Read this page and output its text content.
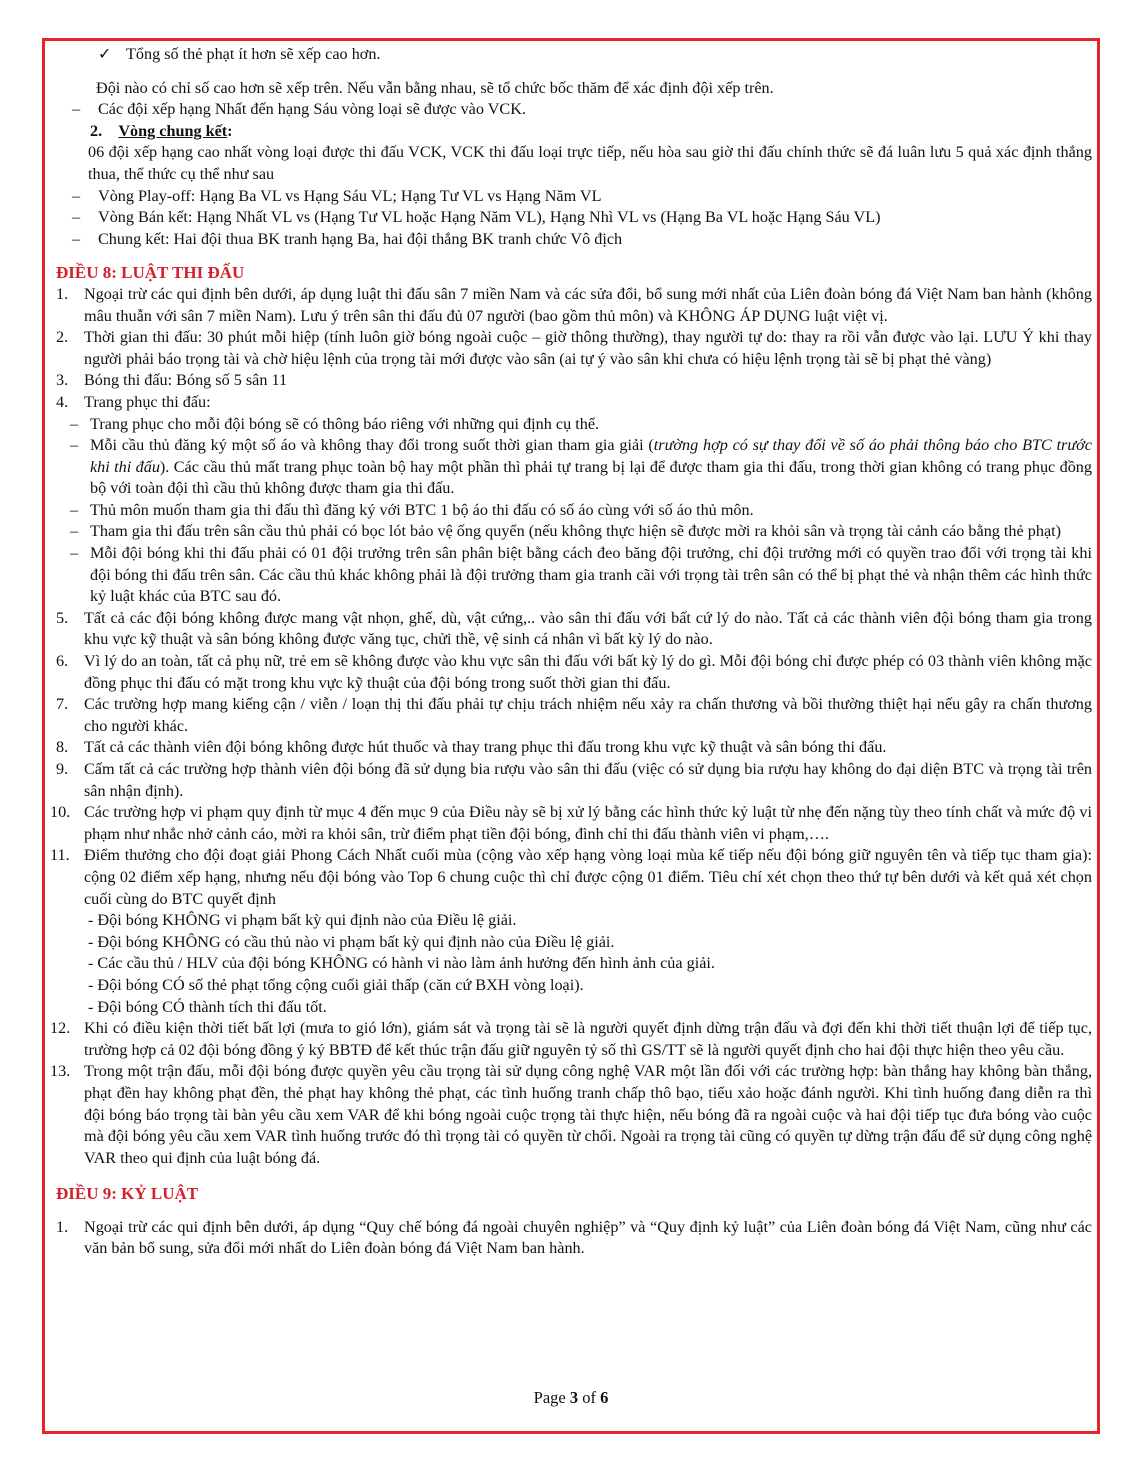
✓ Tổng số thẻ phạt ít hơn sẽ xếp cao hơn.

Đội nào có chỉ số cao hơn sẽ xếp trên. Nếu vẫn bằng nhau, sẽ tổ chức bốc thăm để xác định đội xếp trên.

–	Các đội xếp hạng Nhất đến hạng Sáu vòng loại sẽ được vào VCK.

2. Vòng chung kết:

06 đội xếp hạng cao nhất vòng loại được thi đấu VCK, VCK thi đấu loại trực tiếp, nếu hòa sau giờ thi đấu chính thức sẽ đá luân lưu 5 quả xác định thắng thua, thể thức cụ thể như sau

–	Vòng Play-off: Hạng Ba VL vs Hạng Sáu VL; Hạng Tư VL vs Hạng Năm VL
–	Vòng Bán kết: Hạng Nhất VL vs (Hạng Tư VL hoặc Hạng Năm VL), Hạng Nhì VL vs (Hạng Ba VL hoặc Hạng Sáu VL)
–	Chung kết: Hai đội thua BK tranh hạng Ba, hai đội thắng BK tranh chức Vô địch

ĐIỀU 8: LUẬT THI ĐẤU

1. Ngoại trừ các qui định bên dưới, áp dụng luật thi đấu sân 7 miền Nam và các sửa đổi, bổ sung mới nhất của Liên đoàn bóng đá Việt Nam ban hành (không mâu thuẫn với sân 7 miền Nam). Lưu ý trên sân thi đấu đủ 07 người (bao gồm thủ môn) và KHÔNG ÁP DỤNG luật việt vị.
2. Thời gian thi đấu: 30 phút mỗi hiệp (tính luôn giờ bóng ngoài cuộc – giờ thông thường), thay người tự do: thay ra rồi vẫn được vào lại. LƯU Ý khi thay người phải báo trọng tài và chờ hiệu lệnh của trọng tài mới được vào sân (ai tự ý vào sân khi chưa có hiệu lệnh trọng tài sẽ bị phạt thẻ vàng)
3. Bóng thi đấu: Bóng số 5 sân 11
4. Trang phục thi đấu:
– Trang phục cho mỗi đội bóng sẽ có thông báo riêng với những qui định cụ thể.
– Mỗi cầu thủ đăng ký một số áo và không thay đổi trong suốt thời gian tham gia giải (trường hợp có sự thay đổi về số áo phải thông báo cho BTC trước khi thi đấu). Các cầu thủ mất trang phục toàn bộ hay một phần thì phải tự trang bị lại để được tham gia thi đấu, trong thời gian không có trang phục đồng bộ với toàn đội thì cầu thủ không được tham gia thi đấu.
– Thủ môn muốn tham gia thi đấu thì đăng ký với BTC 1 bộ áo thi đấu có số áo cùng với số áo thủ môn.
– Tham gia thi đấu trên sân cầu thủ phải có bọc lót bảo vệ ống quyển (nếu không thực hiện sẽ được mời ra khỏi sân và trọng tài cảnh cáo bằng thẻ phạt)
– Mỗi đội bóng khi thi đấu phải có 01 đội trưởng trên sân phân biệt bằng cách đeo băng đội trưởng, chỉ đội trưởng mới có quyền trao đổi với trọng tài khi đội bóng thi đấu trên sân. Các cầu thủ khác không phải là đội trưởng tham gia tranh cãi với trọng tài trên sân có thể bị phạt thẻ và nhận thêm các hình thức kỷ luật khác của BTC sau đó.
5. Tất cả các đội bóng không được mang vật nhọn, ghế, dù, vật cứng,.. vào sân thi đấu với bất cứ lý do nào. Tất cả các thành viên đội bóng tham gia trong khu vực kỹ thuật và sân bóng không được văng tục, chửi thề, vệ sinh cá nhân vì bất kỳ lý do nào.
6. Vì lý do an toàn, tất cả phụ nữ, trẻ em sẽ không được vào khu vực sân thi đấu với bất kỳ lý do gì. Mỗi đội bóng chỉ được phép có 03 thành viên không mặc đồng phục thi đấu có mặt trong khu vực kỹ thuật của đội bóng trong suốt thời gian thi đấu.
7. Các trường hợp mang kiếng cận / viễn / loạn thị thi đấu phải tự chịu trách nhiệm nếu xảy ra chấn thương và bồi thường thiệt hại nếu gây ra chấn thương cho người khác.
8. Tất cả các thành viên đội bóng không được hút thuốc và thay trang phục thi đấu trong khu vực kỹ thuật và sân bóng thi đấu.
9. Cấm tất cả các trường hợp thành viên đội bóng đã sử dụng bia rượu vào sân thi đấu (việc có sử dụng bia rượu hay không do đại diện BTC và trọng tài trên sân nhận định).
10. Các trường hợp vi phạm quy định từ mục 4 đến mục 9 của Điều này sẽ bị xử lý bằng các hình thức kỷ luật từ nhẹ đến nặng tùy theo tính chất và mức độ vi phạm như nhắc nhở cảnh cáo, mời ra khỏi sân, trừ điểm phạt tiền đội bóng, đình chỉ thi đấu thành viên vi phạm,….
11. Điểm thưởng cho đội đoạt giải Phong Cách Nhất cuối mùa (cộng vào xếp hạng vòng loại mùa kế tiếp nếu đội bóng giữ nguyên tên và tiếp tục tham gia): cộng 02 điểm xếp hạng, nhưng nếu đội bóng vào Top 6 chung cuộc thì chỉ được cộng 01 điểm. Tiêu chí xét chọn theo thứ tự bên dưới và kết quả xét chọn cuối cùng do BTC quyết định

- Đội bóng KHÔNG vi phạm bất kỳ qui định nào của Điều lệ giải.

- Đội bóng KHÔNG có cầu thủ nào vi phạm bất kỳ qui định nào của Điều lệ giải.

- Các cầu thủ / HLV của đội bóng KHÔNG có hành vi nào làm ảnh hưởng đến hình ảnh của giải.

- Đội bóng CÓ số thẻ phạt tổng cộng cuối giải thấp (căn cứ BXH vòng loại).

- Đội bóng CÓ thành tích thi đấu tốt.

12. Khi có điều kiện thời tiết bất lợi (mưa to gió lớn), giám sát và trọng tài sẽ là người quyết định dừng trận đấu và đợi đến khi thời tiết thuận lợi để tiếp tục, trường hợp cả 02 đội bóng đồng ý ký BBTĐ để kết thúc trận đấu giữ nguyên tỷ số thì GS/TT sẽ là người quyết định cho hai đội thực hiện theo yêu cầu.
13. Trong một trận đấu, mỗi đội bóng được quyền yêu cầu trọng tài sử dụng công nghệ VAR một lần đối với các trường hợp: bàn thắng hay không bàn thắng, phạt đền hay không phạt đền, thẻ phạt hay không thẻ phạt, các tình huống tranh chấp thô bạo, tiểu xảo hoặc đánh người. Khi tình huống đang diễn ra thì đội bóng báo trọng tài bàn yêu cầu xem VAR để khi bóng ngoài cuộc trọng tài thực hiện, nếu bóng đã ra ngoài cuộc và hai đội tiếp tục đưa bóng vào cuộc mà đội bóng yêu cầu xem VAR tình huống trước đó thì trọng tài có quyền từ chối. Ngoài ra trọng tài cũng có quyền tự dừng trận đấu để sử dụng công nghệ VAR theo qui định của luật bóng đá.

ĐIỀU 9: KỶ LUẬT

1. Ngoại trừ các qui định bên dưới, áp dụng “Quy chế bóng đá ngoài chuyên nghiệp” và “Quy định kỷ luật” của Liên đoàn bóng đá Việt Nam, cũng như các văn bản bổ sung, sửa đổi mới nhất do Liên đoàn bóng đá Việt Nam ban hành.
Page 3 of 6
